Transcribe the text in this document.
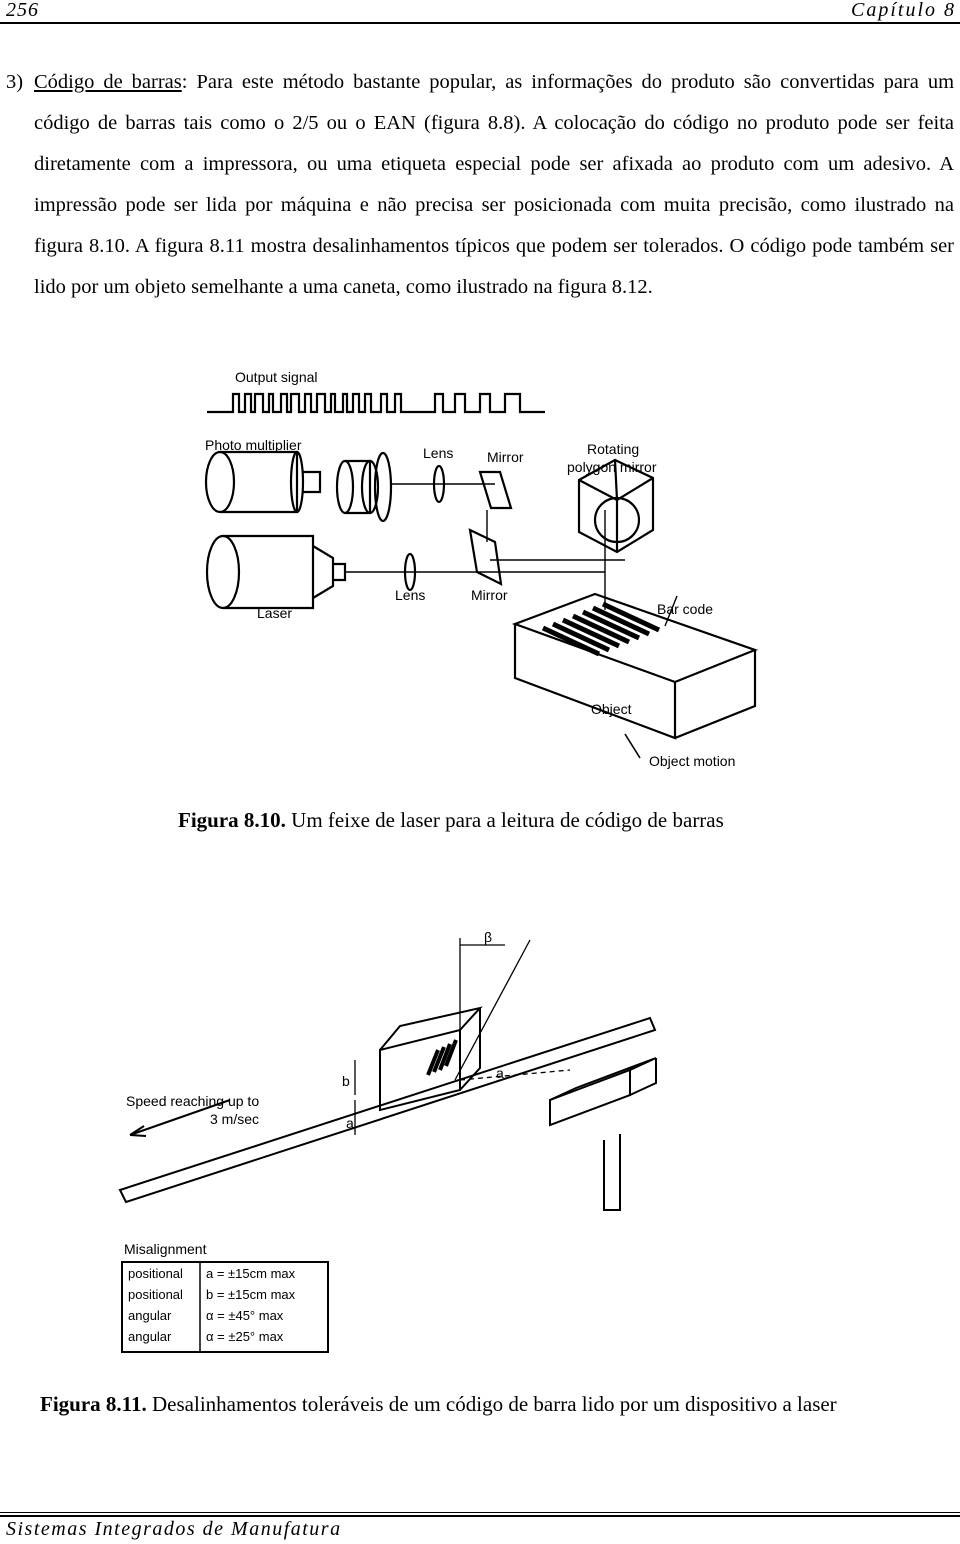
256	Capítulo 8
3) Código de barras: Para este método bastante popular, as informações do produto são convertidas para um código de barras tais como o 2/5 ou o EAN (figura 8.8). A colocação do código no produto pode ser feita diretamente com a impressora, ou uma etiqueta especial pode ser afixada ao produto com um adesivo. A impressão pode ser lida por máquina e não precisa ser posicionada com muita precisão, como ilustrado na figura 8.10. A figura 8.11 mostra desalinhamentos típicos que podem ser tolerados. O código pode também ser lido por um objeto semelhante a uma caneta, como ilustrado na figura 8.12.
Output signal
Photo multiplier	Lens Mirror	Rotating
polygon mirror
Laser
Lens	Mirror
Bar code
Object
Object motion
Figura 8.10. Um feixe de laser para a leitura de código de barras
β
Speed reaching up to
3 m/sec
b
a
a
Misalignment
positional a = ±15cm max
positional b = ±15cm max
angular	α = ±45° max
angular	α = ±25° max
Figura 8.11. Desalinhamentos toleráveis de um código de barra lido por um dispositivo a laser
Sistemas Integrados de Manufatura
